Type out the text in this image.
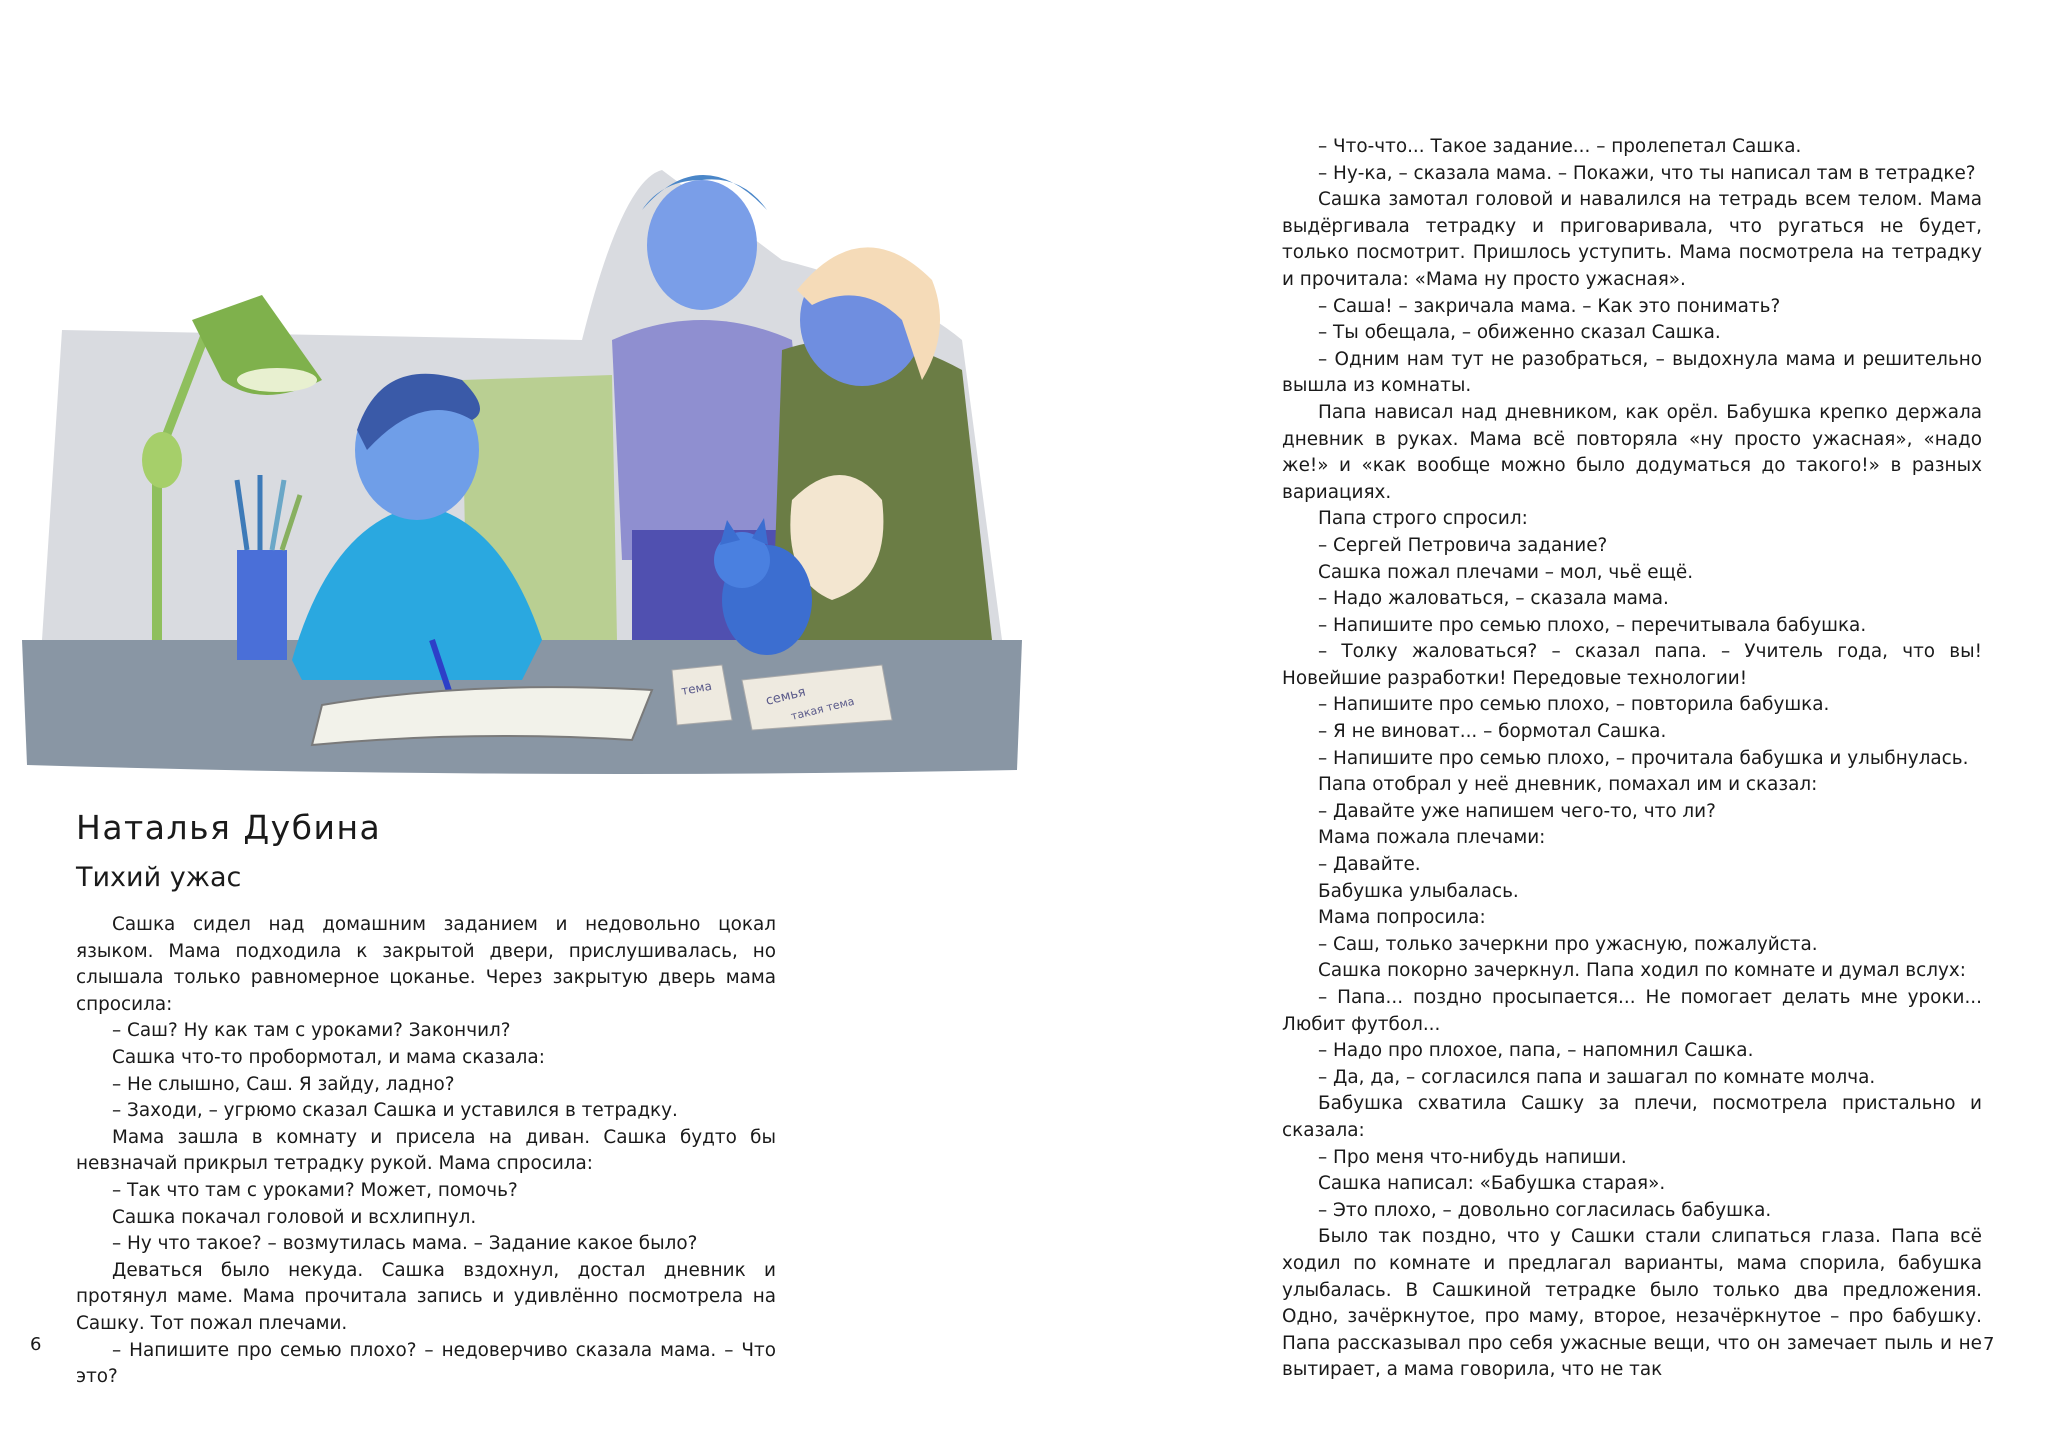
тема	семья
такая тема
Наталья Дубина
Тихий ужас

Сашка сидел над домашним заданием и недовольно цокал языком. Мама подходила к закрытой двери, прислушивалась, но слышала только равномерное цоканье. Через закрытую дверь мама спросила:

– Саш? Ну как там с уроками? Закончил?

Сашка что-то пробормотал, и мама сказала:

– Не слышно, Саш. Я зайду, ладно?

– Заходи, – угрюмо сказал Сашка и уставился в тетрадку.

Мама зашла в комнату и присела на диван. Сашка будто бы невзначай прикрыл тетрадку рукой. Мама спросила:

– Так что там с уроками? Может, помочь?

Сашка покачал головой и всхлипнул.

– Ну что такое? – возмутилась мама. – Задание какое было?

Деваться было некуда. Сашка вздохнул, достал дневник и протянул маме. Мама прочитала запись и удивлённо посмотрела на Сашку. Тот пожал плечами.

– Напишите про семью плохо? – недоверчиво сказала мама. – Что это?

6

– Что-что... Такое задание... – пролепетал Сашка.

– Ну-ка, – сказала мама. – Покажи, что ты написал там в тетрадке?

Сашка замотал головой и навалился на тетрадь всем телом. Мама выдёргивала тетрадку и приговаривала, что ругаться не будет, только посмотрит. Пришлось уступить. Мама посмотрела на тетрадку и прочитала: «Мама ну просто ужасная».

– Саша! – закричала мама. – Как это понимать?

– Ты обещала, – обиженно сказал Сашка.

– Одним нам тут не разобраться, – выдохнула мама и решительно вышла из комнаты.

Папа нависал над дневником, как орёл. Бабушка крепко держала дневник в руках. Мама всё повторяла «ну просто ужасная», «надо же!» и «как вообще можно было додуматься до такого!» в разных вариациях.

Папа строго спросил:

– Сергей Петровича задание?

Сашка пожал плечами – мол, чьё ещё.

– Надо жаловаться, – сказала мама.

– Напишите про семью плохо, – перечитывала бабушка.

– Толку жаловаться? – сказал папа. – Учитель года, что вы! Новейшие разработки! Передовые технологии!

– Напишите про семью плохо, – повторила бабушка.

– Я не виноват... – бормотал Сашка.

– Напишите про семью плохо, – прочитала бабушка и улыбнулась.

Папа отобрал у неё дневник, помахал им и сказал:

– Давайте уже напишем чего-то, что ли?

Мама пожала плечами:

– Давайте.

Бабушка улыбалась.

Мама попросила:

– Саш, только зачеркни про ужасную, пожалуйста.

Сашка покорно зачеркнул. Папа ходил по комнате и думал вслух:

– Папа... поздно просыпается... Не помогает делать мне уроки... Любит футбол...

– Надо про плохое, папа, – напомнил Сашка.

– Да, да, – согласился папа и зашагал по комнате молча.

Бабушка схватила Сашку за плечи, посмотрела пристально и сказала:

– Про меня что-нибудь напиши.

Сашка написал: «Бабушка старая».

– Это плохо, – довольно согласилась бабушка.

Было так поздно, что у Сашки стали слипаться глаза. Папа всё ходил по комнате и предлагал варианты, мама спорила, бабушка улыбалась. В Сашкиной тетрадке было только два предложения. Одно, зачёркнутое, про маму, второе, незачёркнутое – про бабушку. Папа рассказывал про себя ужасные вещи, что он замечает пыль и не вытирает, а мама говорила, что не так

7
